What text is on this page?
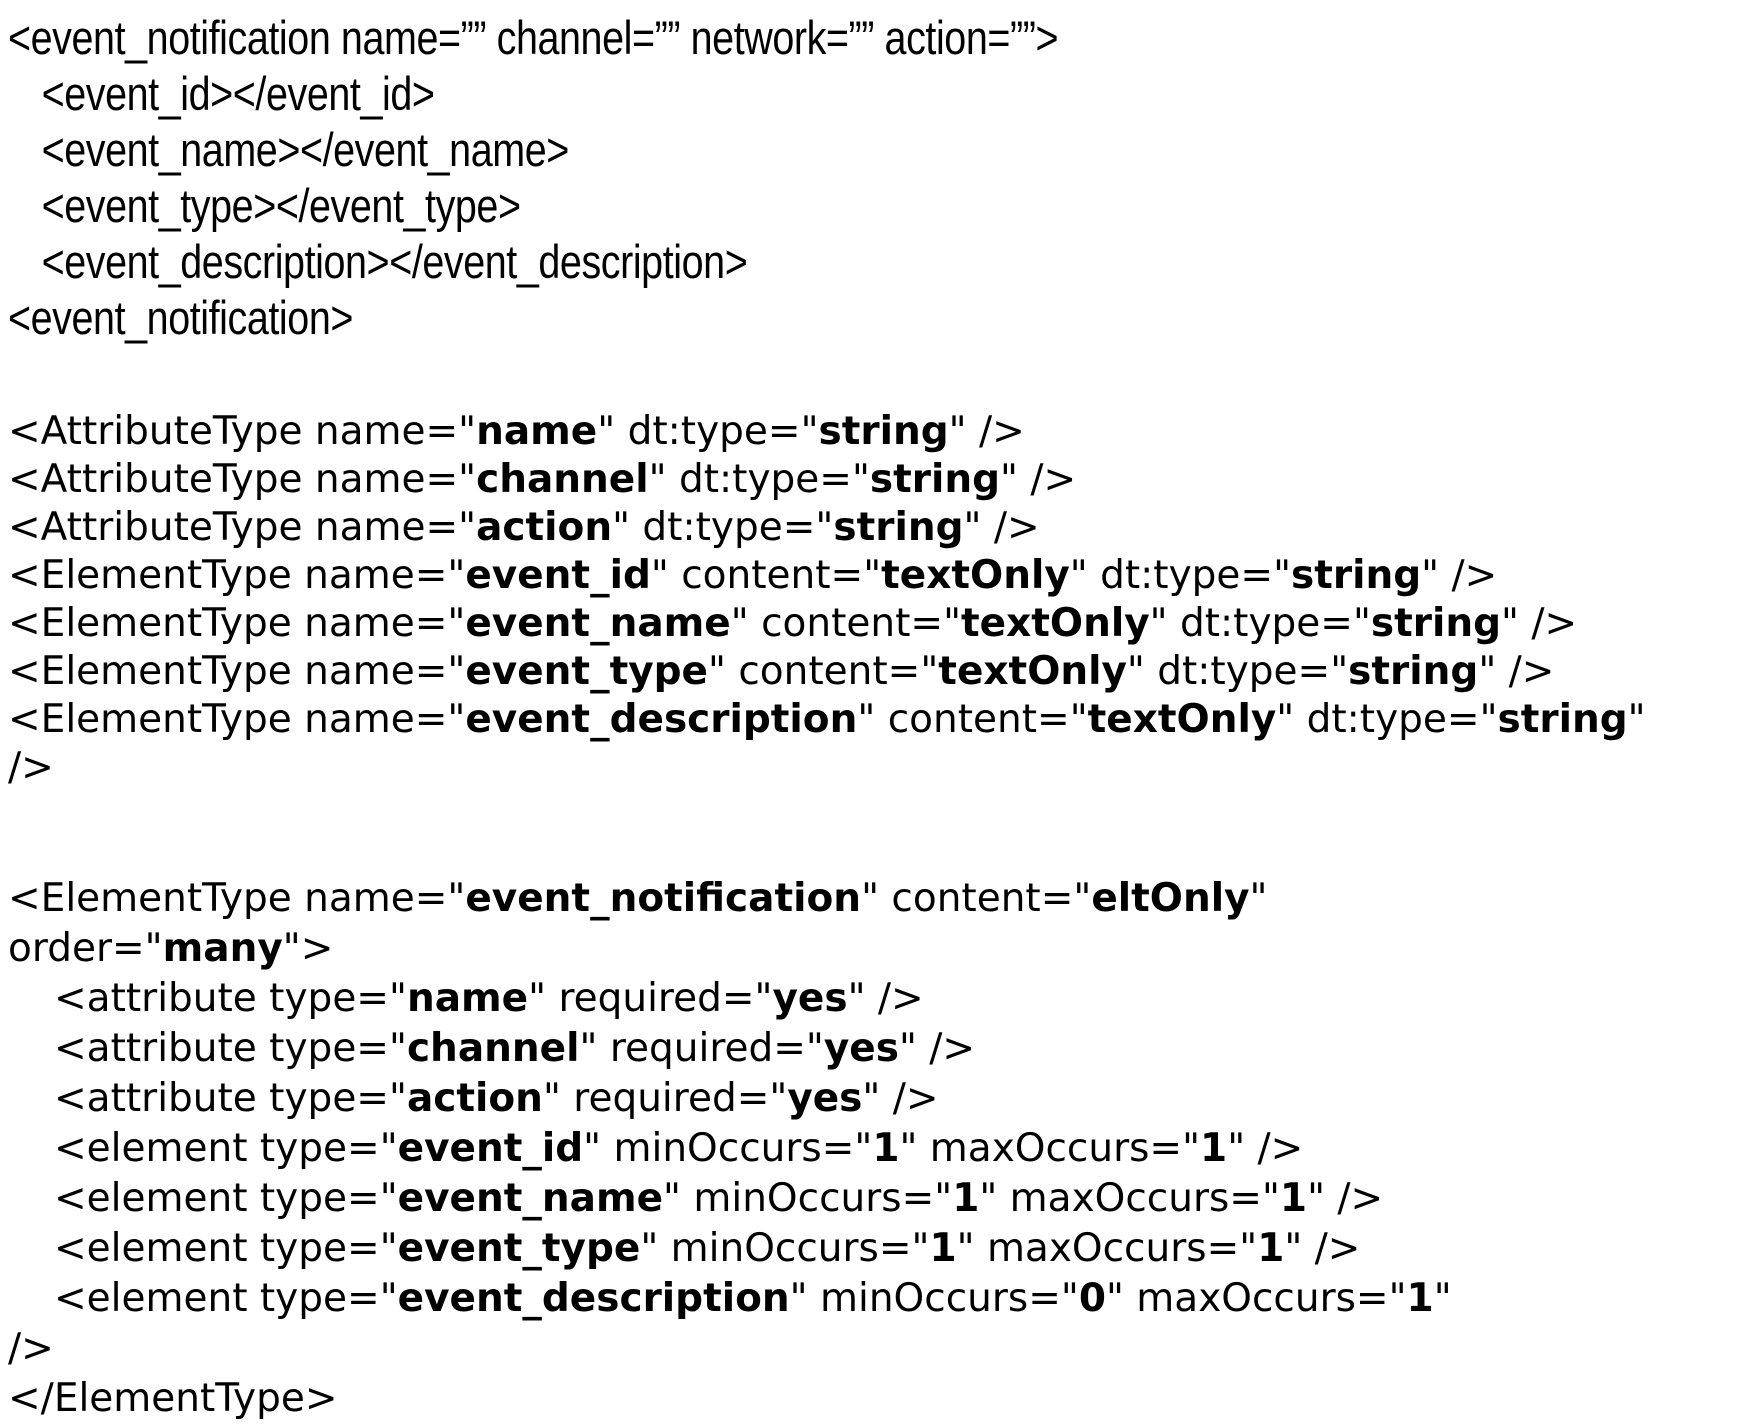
<event_notification name=”” channel=”” network=”” action=””>
<event_id></event_id>
<event_name></event_name>
<event_type></event_type>
<event_description></event_description>
<event_notification>
<AttributeType name="name" dt:type="string" />
<AttributeType name="channel" dt:type="string" />
<AttributeType name="action" dt:type="string" />
<ElementType name="event_id" content="textOnly" dt:type="string" />
<ElementType name="event_name" content="textOnly" dt:type="string" />
<ElementType name="event_type" content="textOnly" dt:type="string" />
<ElementType name="event_description" content="textOnly" dt:type="string"
/>
<ElementType name="event_notification" content="eltOnly"
order="many">
<attribute type="name" required="yes" />
<attribute type="channel" required="yes" />
<attribute type="action" required="yes" />
<element type="event_id" minOccurs="1" maxOccurs="1" />
<element type="event_name" minOccurs="1" maxOccurs="1" />
<element type="event_type" minOccurs="1" maxOccurs="1" />
<element type="event_description" minOccurs="0" maxOccurs="1"
/>
</ElementType>
